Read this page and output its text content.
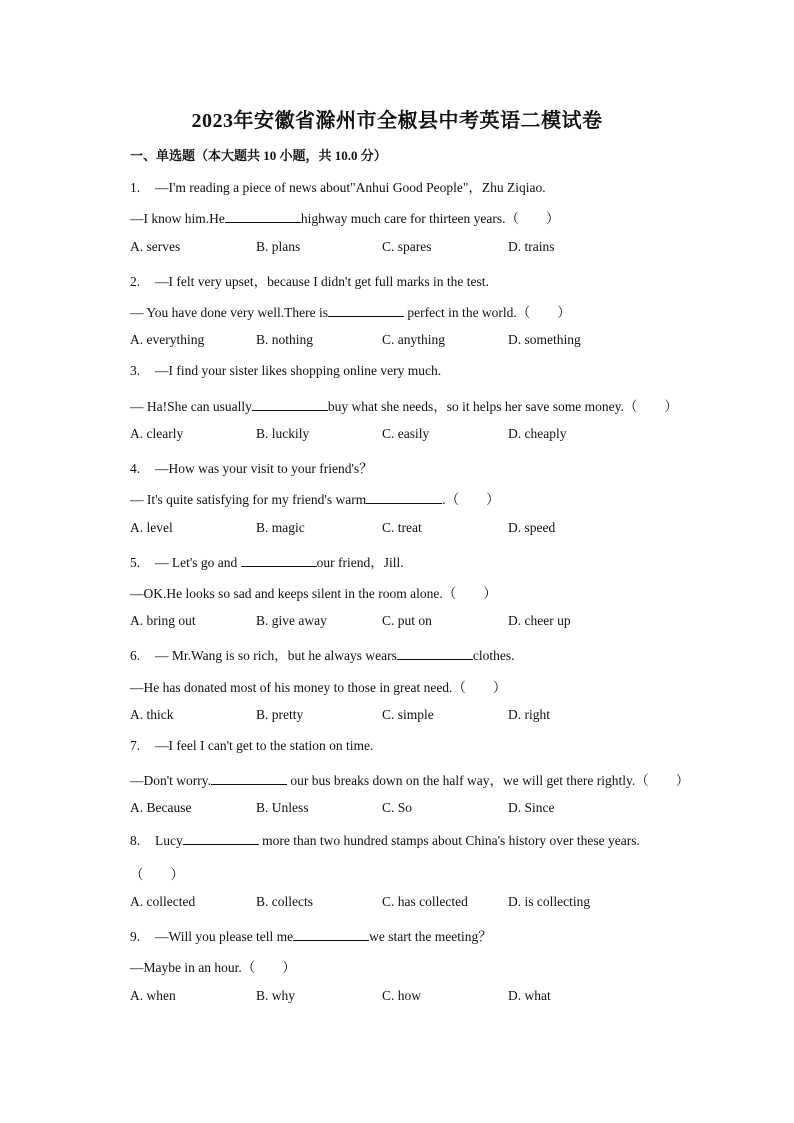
2023年安徽省滁州市全椒县中考英语二模试卷
一、单选题（本大题共 10 小题，共 10.0 分）
1. —I'm reading a piece of news about"Anhui Good People"，Zhu Ziqiao.
—I know him.He	highway much care for thirteen years.（　　）
A. serves	B. plans	C. spares	D. trains
2. —I felt very upset，because I didn't get full marks in the test.
— You have done very well.There is	perfect in the world.（　　）
A. everything	B. nothing	C. anything	D. something
3. —I find your sister likes shopping online very much.
— Ha!She can usually	buy what she needs，so it helps her save some money.（　　）
A. clearly	B. luckily	C. easily	D. cheaply
4. —How was your visit to your friend's？
— It's quite satisfying for my friend's warm	.（　　）
A. level	B. magic	C. treat	D. speed
5. — Let's go and	our friend，Jill.
—OK.He looks so sad and keeps silent in the room alone.（　　）
A. bring out	B. give away	C. put on	D. cheer up
6. — Mr.Wang is so rich，but he always wears	clothes.
—He has donated most of his money to those in great need.（　　）
A. thick	B. pretty	C. simple	D. right
7. —I feel I can't get to the station on time.
—Don't worry.	our bus breaks down on the half way，we will get there rightly.（　　）
A. Because	B. Unless	C. So	D. Since
8. Lucy	more than two hundred stamps about China's history over these years.
（　　）
A. collected	B. collects	C. has collected	D. is collecting
9. —Will you please tell me	we start the meeting？
—Maybe in an hour.（　　）
A. when	B. why	C. how	D. what
